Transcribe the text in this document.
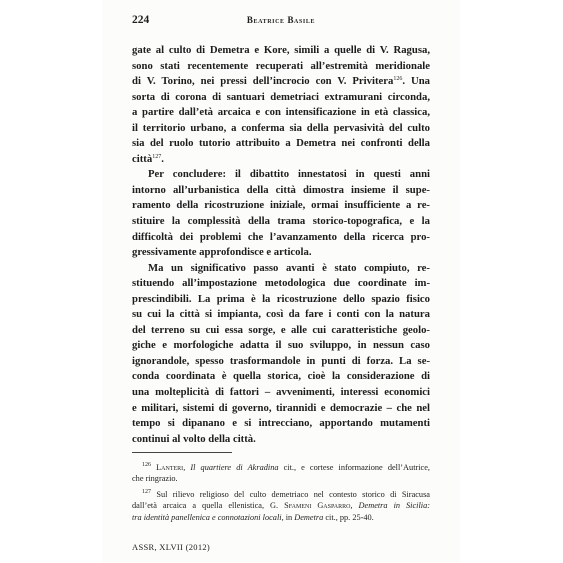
224	Beatrice Basile
gate al culto di Demetra e Kore, simili a quelle di V. Ragusa,
sono stati recentemente recuperati all’estremità meridionale
di V. Torino, nei pressi dell’incrocio con V. Privitera$^{126}$. Una
sorta di corona di santuari demetriaci extramurani circonda,
a partire dall’età arcaica e con intensificazione in età classica,
il territorio urbano, a conferma sia della pervasività del culto
sia del ruolo tutorio attribuito a Demetra nei confronti della
città$^{127}$.
Per concludere: il dibattito innestatosi in questi anni
intorno all’urbanistica della città dimostra insieme il supe-
ramento della ricostruzione iniziale, ormai insufficiente a re-
stituire la complessità della trama storico-topografica, e la
difficoltà dei problemi che l’avanzamento della ricerca pro-
gressivamente approfondisce e articola.
Ma un significativo passo avanti è stato compiuto, re-
stituendo all’impostazione metodologica due coordinate im-
prescindibili. La prima è la ricostruzione dello spazio fisico
su cui la città si impianta, così da fare i conti con la natura
del terreno su cui essa sorge, e alle cui caratteristiche geolo-
giche e morfologiche adatta il suo sviluppo, in nessun caso
ignorandole, spesso trasformandole in punti di forza. La se-
conda coordinata è quella storica, cioè la considerazione di
una molteplicità di fattori – avvenimenti, interessi economici
e militari, sistemi di governo, tirannidi e democrazie – che nel
tempo si dipanano e si intrecciano, apportando mutamenti
continui al volto della città.
$^{126}$ Lanteri, Il quartiere di Akradina cit., e cortese informazione dell’Autrice,
che ringrazio.
$^{127}$ Sul rilievo religioso del culto demetriaco nel contesto storico di Siracusa
dall’età arcaica a quella ellenistica, G. Sfameni Gasparro, Demetra in Sicilia:
tra identità panellenica e connotazioni locali, in Demetra cit., pp. 25-40.
ASSR, XLVII (2012)
